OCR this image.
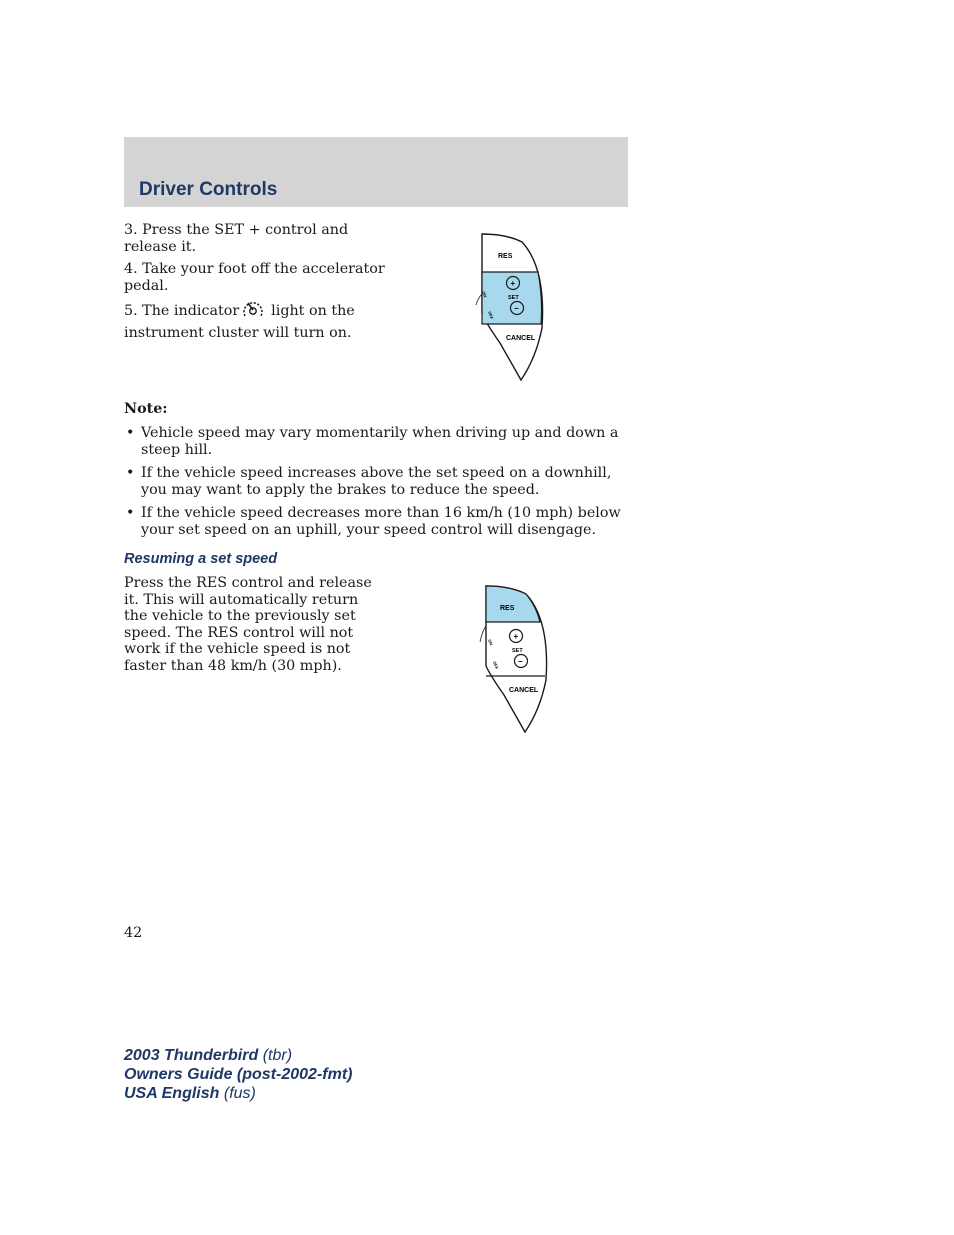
Driver Controls

3. Press the SET + control and release it.

4. Take your foot off the accelerator pedal.

5. The indicator light on the instrument cluster will turn on.

RES
SET
+
−
CANCEL
ON
OFF

Note:

• Vehicle speed may vary momentarily when driving up and down a steep hill.
• If the vehicle speed increases above the set speed on a downhill, you may want to apply the brakes to reduce the speed.
• If the vehicle speed decreases more than 16 km/h (10 mph) below your set speed on an uphill, your speed control will disengage.
Resuming a set speed

Press the RES control and release it. This will automatically return the vehicle to the previously set speed. The RES control will not work if the vehicle speed is not faster than 48 km/h (30 mph).

RES
SET
+
−
CANCEL
ON
OFF

42

2003 Thunderbird (tbr)
Owners Guide (post-2002-fmt)
USA English (fus)
